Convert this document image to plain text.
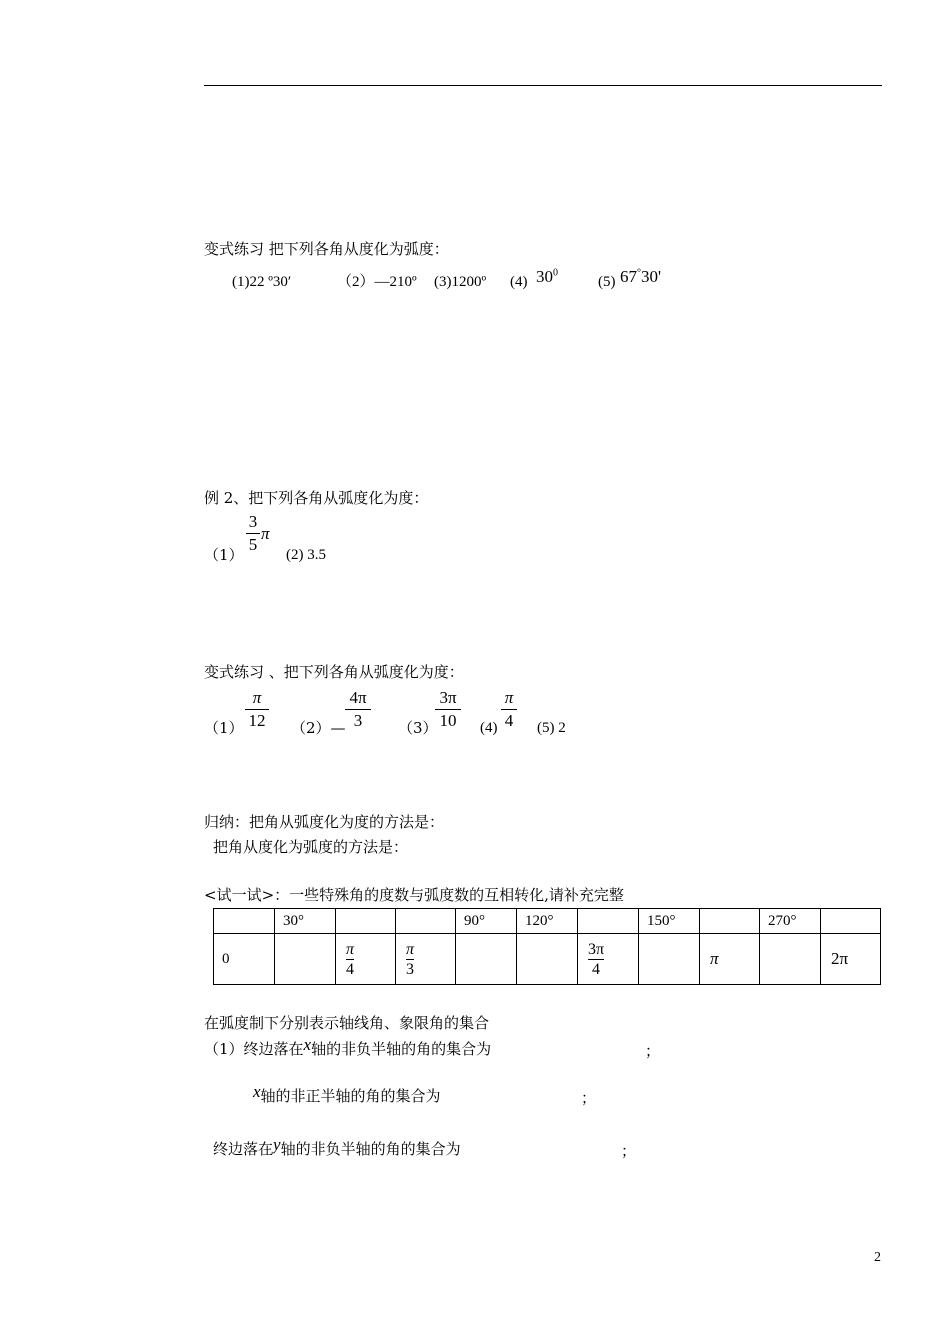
变式练习 把下列各角从度化为弧度：
(1)22 º30′	（2）—210º (3)1200º (4) $30^0$
(5) 67°30'
例 2、把下列各角从弧度化为度：
（1）
3
5
π
(2) 3.5
变式练习 、把下列各角从弧度化为度：
（1）
π
12 （2）—
4π
3	（3）
3π
10	(4)
π
4 (5) 2
归纳：把角从弧度化为度的方法是：
把角从度化为弧度的方法是：
<试一试>：一些特殊角的度数与弧度数的互相转化,请补充完整
	30°			90°	120°		150°		270°	
0		$\frac{\pi}{4}$	$\frac{\pi}{3}$			$\frac{3\pi}{4}$		π		2π
在弧度制下分别表示轴线角、象限角的集合
（1）终边落在x轴的非负半轴的角的集合为	；
x轴的非正半轴的角的集合为	；
终边落在y轴的非负半轴的角的集合为	；
2
